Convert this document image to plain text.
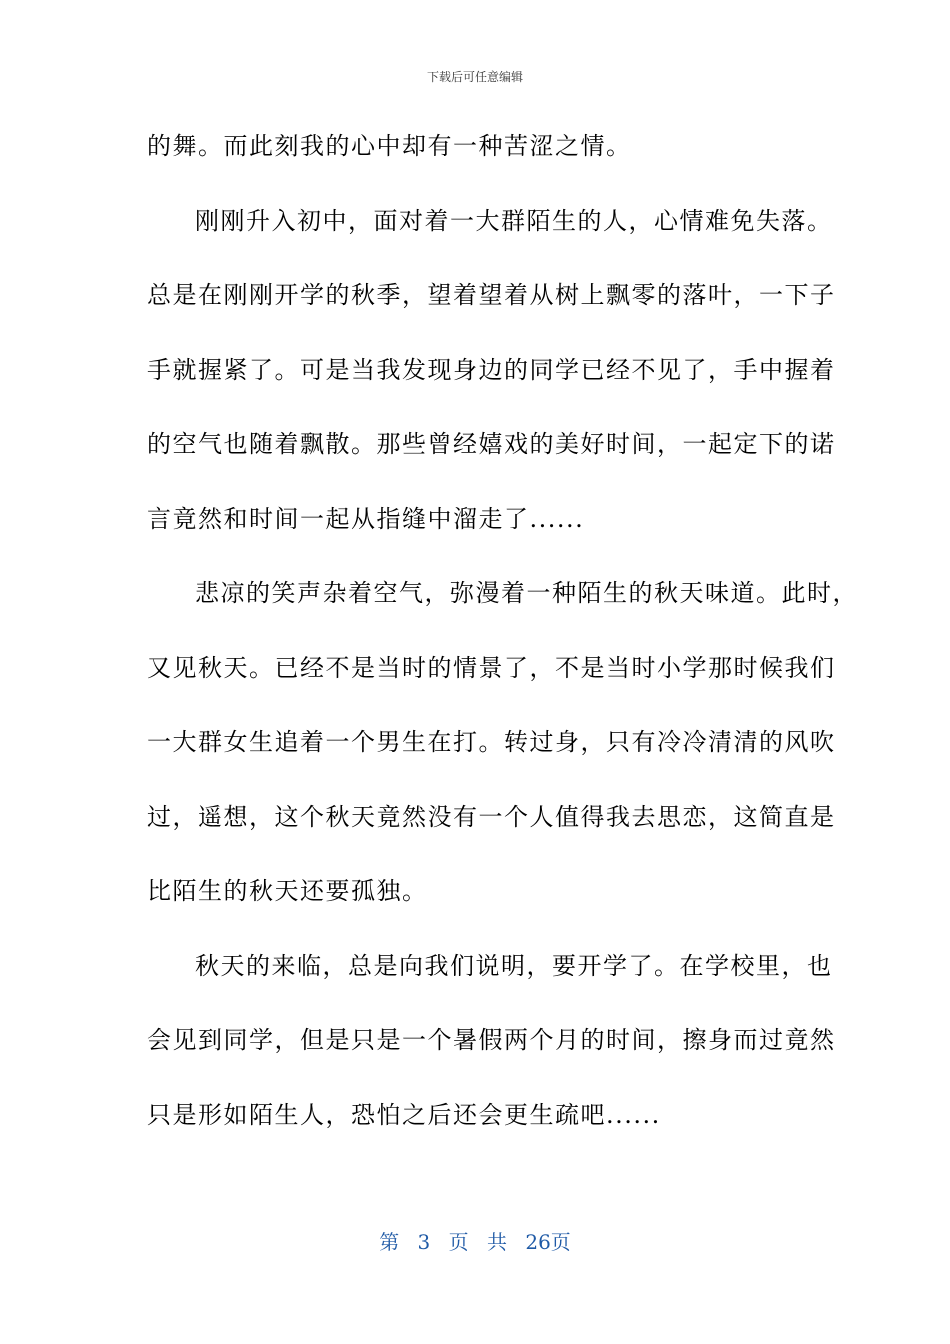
下载后可任意编辑
的舞。而此刻我的心中却有一种苦涩之情。
刚刚升入初中，面对着一大群陌生的人，心情难免失落。
总是在刚刚开学的秋季，望着望着从树上飘零的落叶，一下子
手就握紧了。可是当我发现身边的同学已经不见了，手中握着
的空气也随着飘散。那些曾经嬉戏的美好时间，一起定下的诺
言竟然和时间一起从指缝中溜走了......
悲凉的笑声杂着空气，弥漫着一种陌生的秋天味道。此时，
又见秋天。已经不是当时的情景了，不是当时小学那时候我们
一大群女生追着一个男生在打。转过身，只有冷冷清清的风吹
过，遥想，这个秋天竟然没有一个人值得我去思恋，这简直是
比陌生的秋天还要孤独。
秋天的来临，总是向我们说明，要开学了。在学校里，也
会见到同学，但是只是一个暑假两个月的时间，擦身而过竟然
只是形如陌生人，恐怕之后还会更生疏吧......
第 3 页 共 26页
